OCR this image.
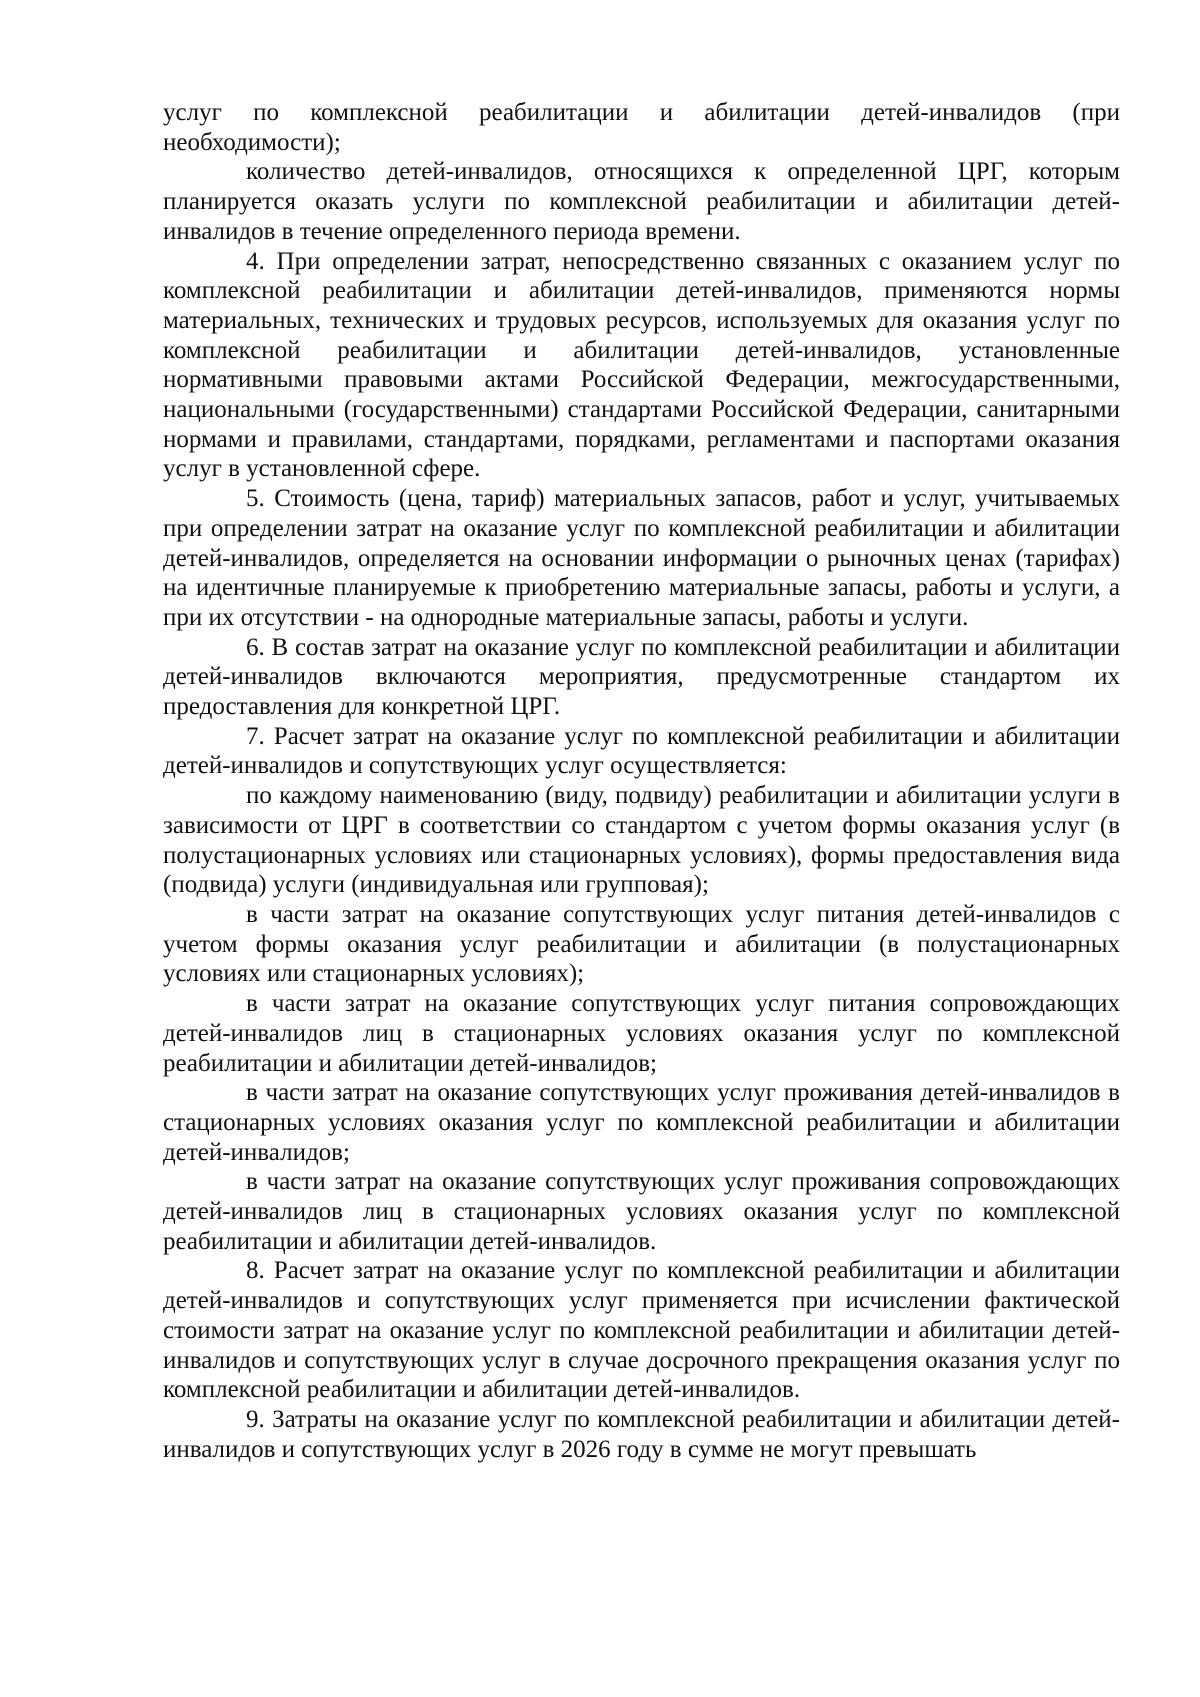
услуг по комплексной реабилитации и абилитации детей-инвалидов (при необходимости);

количество детей-инвалидов, относящихся к определенной ЦРГ, которым планируется оказать услуги по комплексной реабилитации и абилитации детей-инвалидов в течение определенного периода времени.

4. При определении затрат, непосредственно связанных с оказанием услуг по комплексной реабилитации и абилитации детей-инвалидов, применяются нормы материальных, технических и трудовых ресурсов, используемых для оказания услуг по комплексной реабилитации и абилитации детей-инвалидов, установленные нормативными правовыми актами Российской Федерации, межгосударственными, национальными (государственными) стандартами Российской Федерации, санитарными нормами и правилами, стандартами, порядками, регламентами и паспортами оказания услуг в установленной сфере.

5. Стоимость (цена, тариф) материальных запасов, работ и услуг, учитываемых при определении затрат на оказание услуг по комплексной реабилитации и абилитации детей-инвалидов, определяется на основании информации о рыночных ценах (тарифах) на идентичные планируемые к приобретению материальные запасы, работы и услуги, а при их отсутствии - на однородные материальные запасы, работы и услуги.

6. В состав затрат на оказание услуг по комплексной реабилитации и абилитации детей-инвалидов включаются мероприятия, предусмотренные стандартом их предоставления для конкретной ЦРГ.

7. Расчет затрат на оказание услуг по комплексной реабилитации и абилитации детей-инвалидов и сопутствующих услуг осуществляется:

по каждому наименованию (виду, подвиду) реабилитации и абилитации услуги в зависимости от ЦРГ в соответствии со стандартом с учетом формы оказания услуг (в полустационарных условиях или стационарных условиях), формы предоставления вида (подвида) услуги (индивидуальная или групповая);

в части затрат на оказание сопутствующих услуг питания детей-инвалидов с учетом формы оказания услуг реабилитации и абилитации (в полустационарных условиях или стационарных условиях);

в части затрат на оказание сопутствующих услуг питания сопровождающих детей-инвалидов лиц в стационарных условиях оказания услуг по комплексной реабилитации и абилитации детей-инвалидов;

в части затрат на оказание сопутствующих услуг проживания детей-инвалидов в стационарных условиях оказания услуг по комплексной реабилитации и абилитации детей-инвалидов;

в части затрат на оказание сопутствующих услуг проживания сопровождающих детей-инвалидов лиц в стационарных условиях оказания услуг по комплексной реабилитации и абилитации детей-инвалидов.

8. Расчет затрат на оказание услуг по комплексной реабилитации и абилитации детей-инвалидов и сопутствующих услуг применяется при исчислении фактической стоимости затрат на оказание услуг по комплексной реабилитации и абилитации детей-инвалидов и сопутствующих услуг в случае досрочного прекращения оказания услуг по комплексной реабилитации и абилитации детей-инвалидов.

9. Затраты на оказание услуг по комплексной реабилитации и абилитации детей-инвалидов и сопутствующих услуг в 2026 году в сумме не могут превышать
